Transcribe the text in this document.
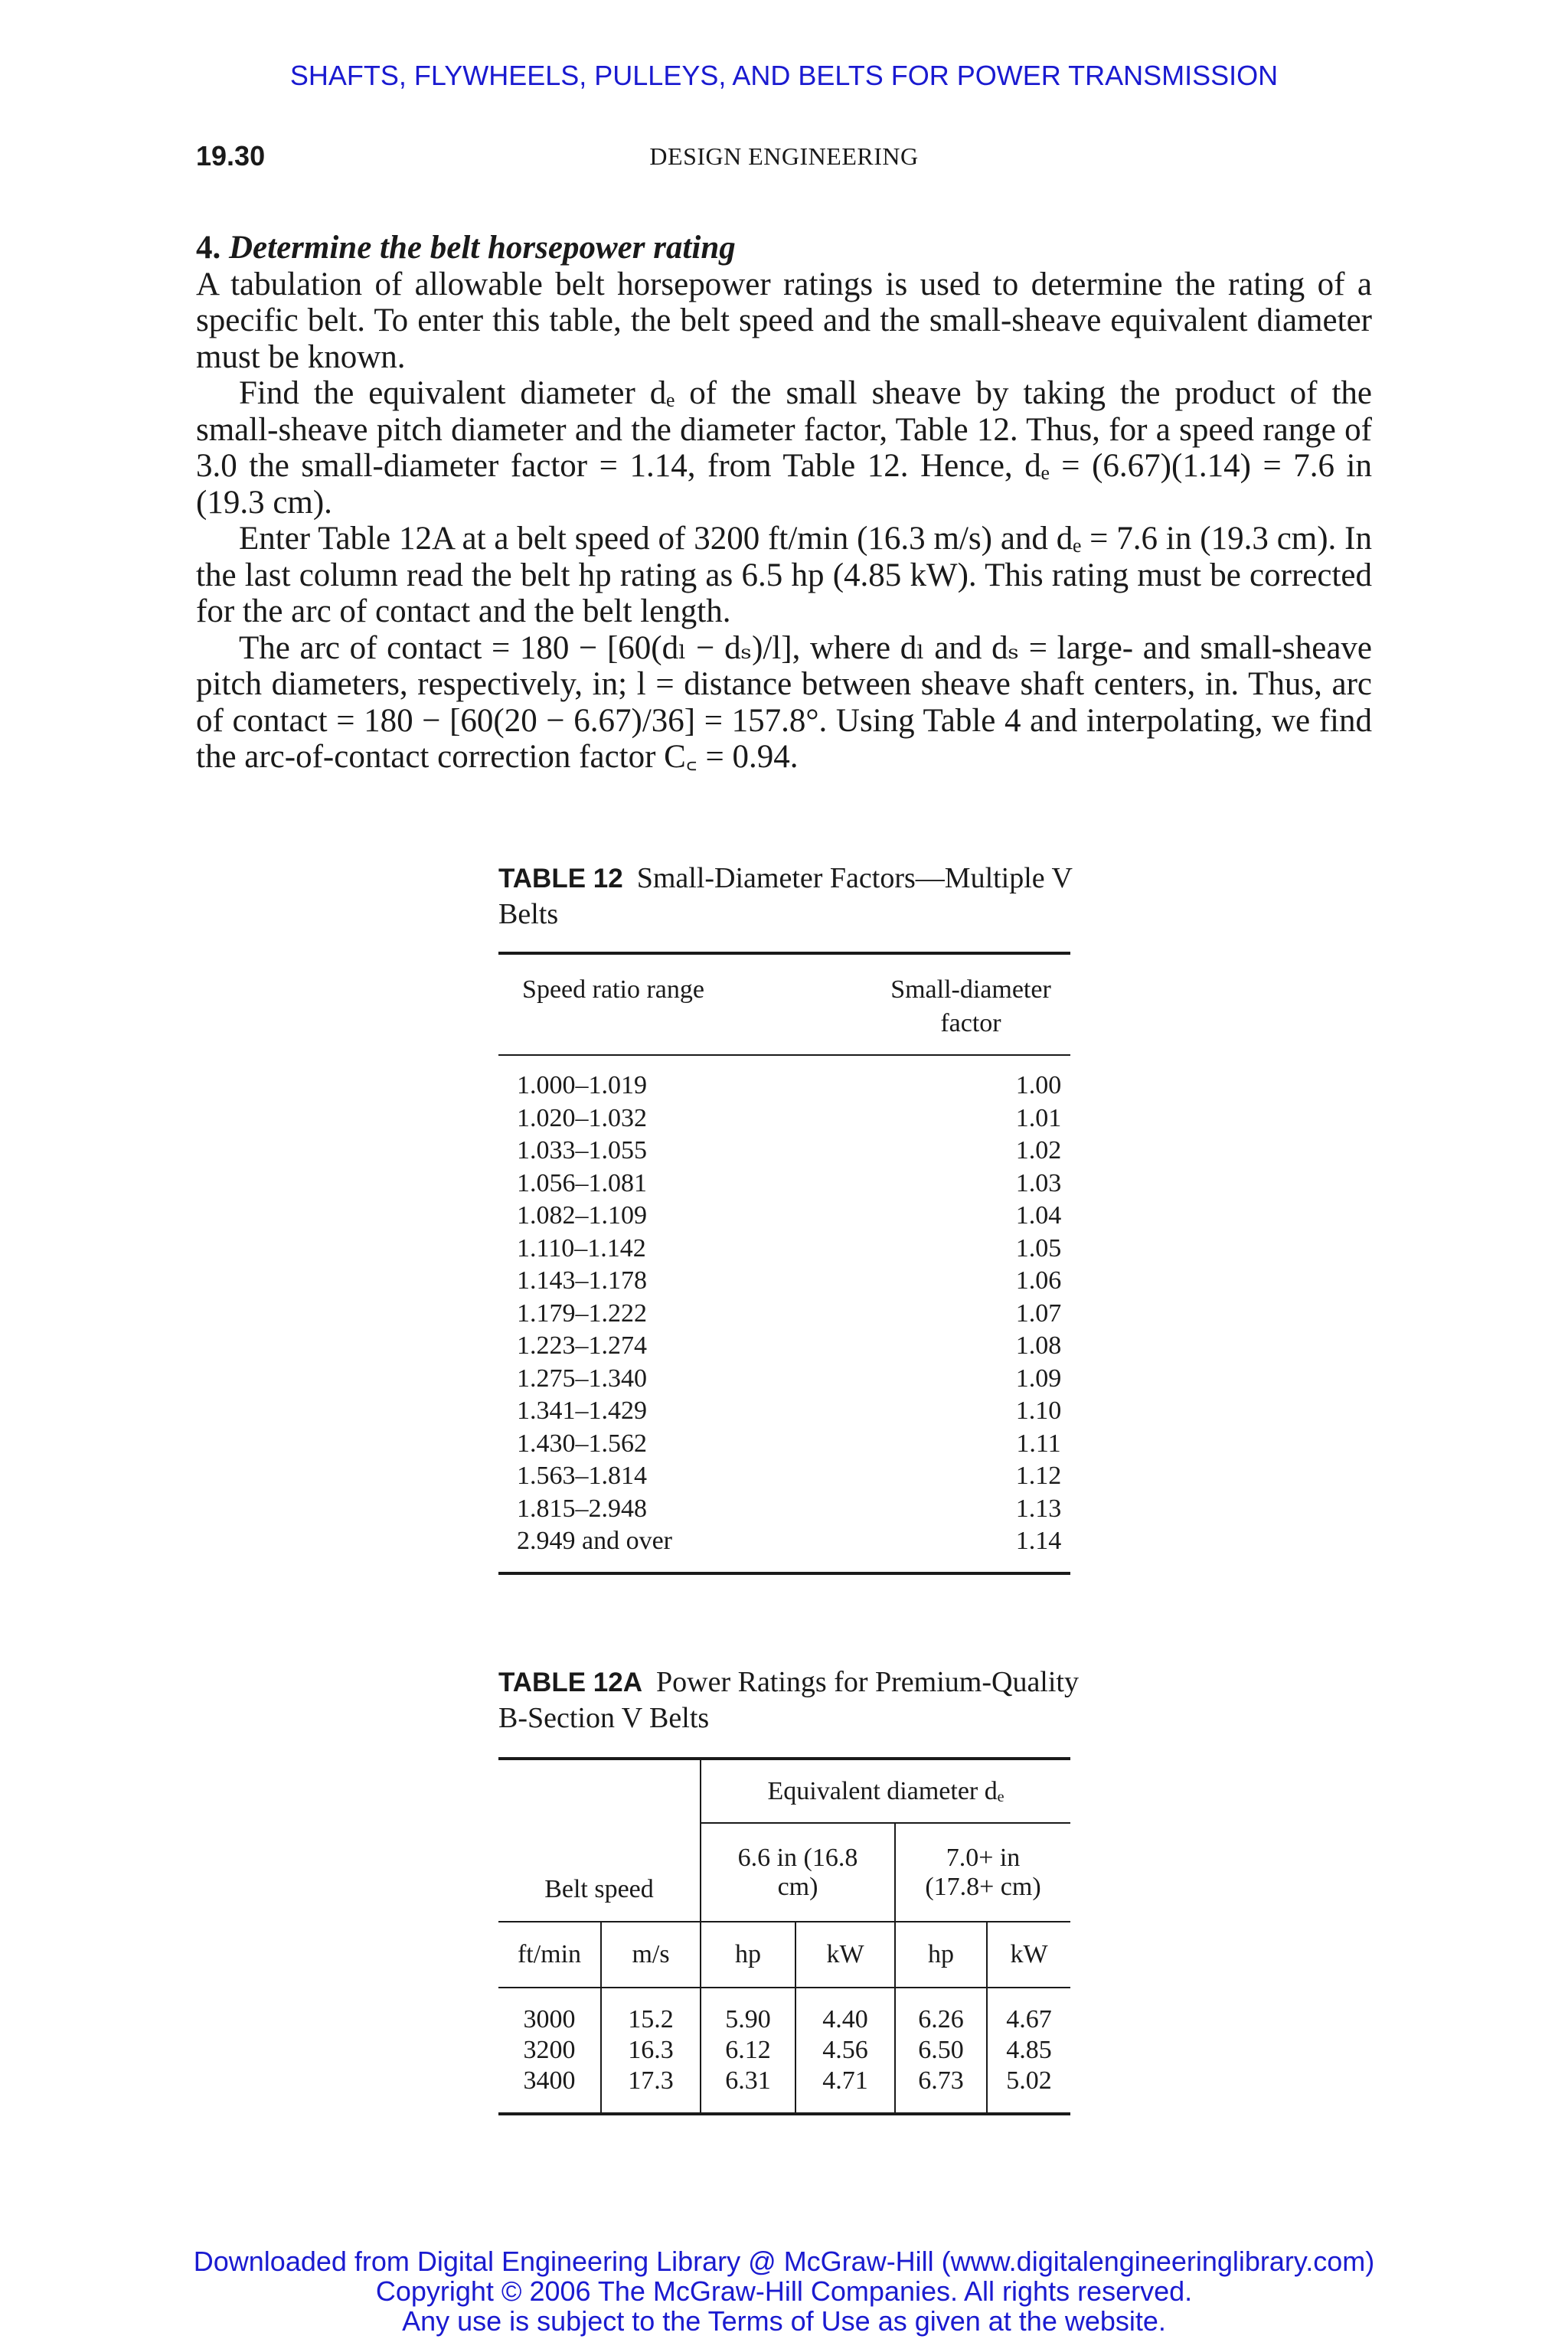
SHAFTS, FLYWHEELS, PULLEYS, AND BELTS FOR POWER TRANSMISSION
19.30	DESIGN ENGINEERING
4. Determine the belt horsepower rating

A tabulation of allowable belt horsepower ratings is used to determine the rating of a specific belt. To enter this table, the belt speed and the small-sheave equivalent diameter must be known.

Find the equivalent diameter dₑ of the small sheave by taking the product of the small-sheave pitch diameter and the diameter factor, Table 12. Thus, for a speed range of 3.0 the small-diameter factor = 1.14, from Table 12. Hence, dₑ = (6.67)(1.14) = 7.6 in (19.3 cm).

Enter Table 12A at a belt speed of 3200 ft/min (16.3 m/s) and dₑ = 7.6 in (19.3 cm). In the last column read the belt hp rating as 6.5 hp (4.85 kW). This rating must be corrected for the arc of contact and the belt length.

The arc of contact = 180 − [60(dₗ − dₛ)/l], where dₗ and dₛ = large- and small-sheave pitch diameters, respectively, in; l = distance between sheave shaft centers, in. Thus, arc of contact = 180 − [60(20 − 6.67)/36] = 157.8°. Using Table 4 and interpolating, we find the arc-of-contact correction factor C꜀ = 0.94.

TABLE 12 Small-Diameter Factors—Multiple V Belts
Speed ratio range	Small-diameter factor
1.000–1.019	1.00
1.020–1.032	1.01
1.033–1.055	1.02
1.056–1.081	1.03
1.082–1.109	1.04
1.110–1.142	1.05
1.143–1.178	1.06
1.179–1.222	1.07
1.223–1.274	1.08
1.275–1.340	1.09
1.341–1.429	1.10
1.430–1.562	1.11
1.563–1.814	1.12
1.815–2.948	1.13
2.949 and over	1.14
TABLE 12A Power Ratings for Premium-Quality B-Section V Belts

Belt speed		Equivalent diameter dₑ			
		6.6 in (16.8 cm)		7.0+ in (17.8+ cm)	

ft/min	m/s	hp	kW	hp	kW

3000	15.2	5.90	4.40	6.26	4.67
3200	16.3	6.12	4.56	6.50	4.85
3400	17.3	6.31	4.71	6.73	5.02

Downloaded from Digital Engineering Library @ McGraw-Hill (www.digitalengineeringlibrary.com)
Copyright © 2006 The McGraw-Hill Companies. All rights reserved.
Any use is subject to the Terms of Use as given at the website.
